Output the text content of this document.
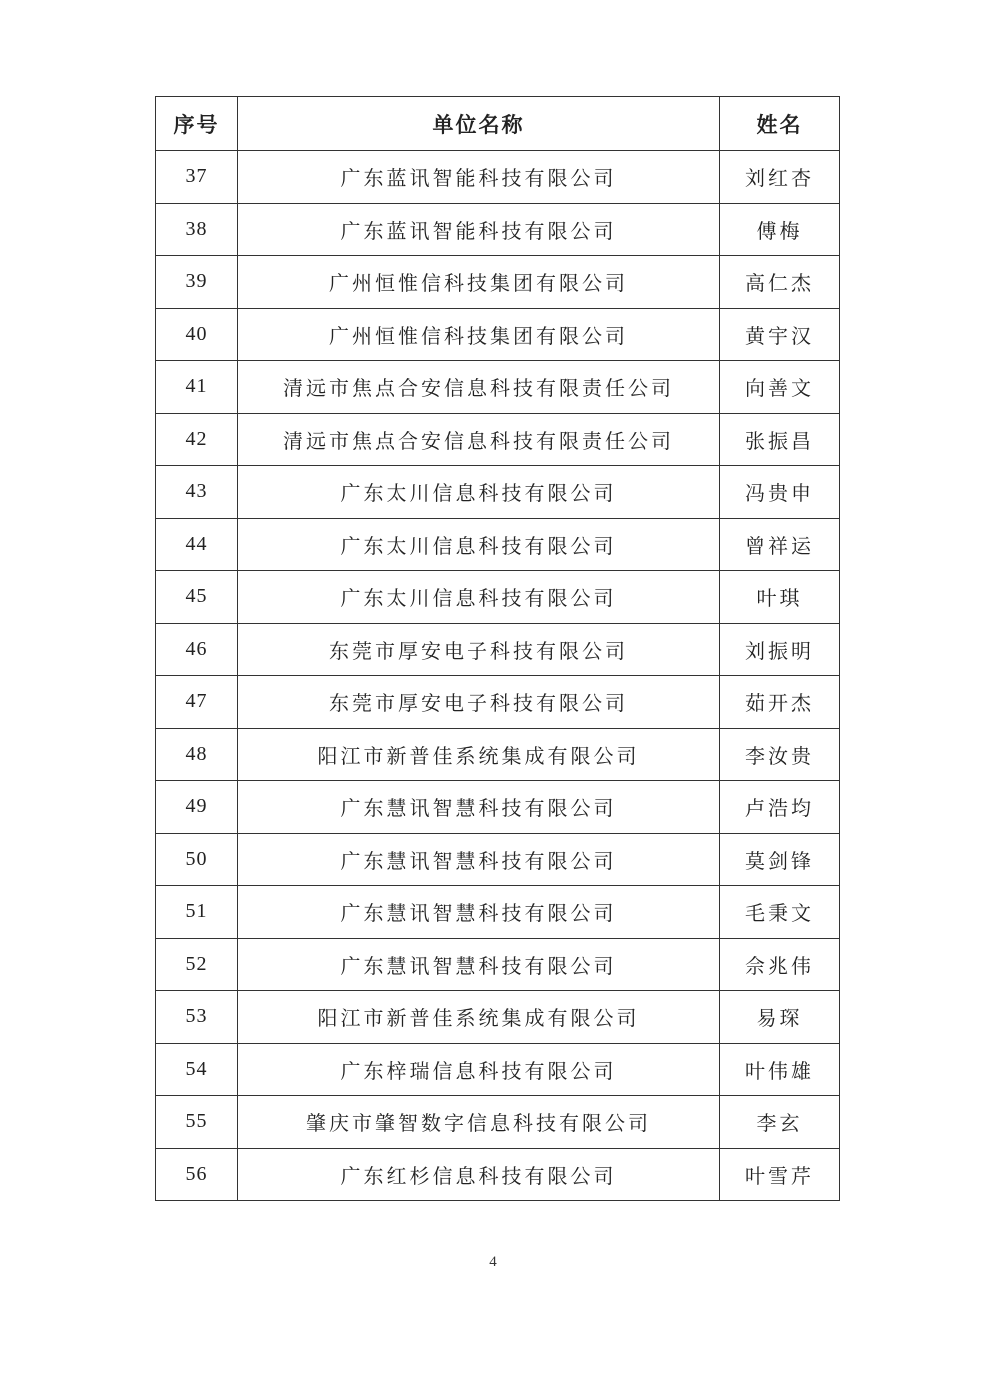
序号	单位名称	姓名
37	广东蓝讯智能科技有限公司	刘红杏
38	广东蓝讯智能科技有限公司	傅梅
39	广州恒惟信科技集团有限公司	高仁杰
40	广州恒惟信科技集团有限公司	黄宇汉
41	清远市焦点合安信息科技有限责任公司	向善文
42	清远市焦点合安信息科技有限责任公司	张振昌
43	广东太川信息科技有限公司	冯贵申
44	广东太川信息科技有限公司	曾祥运
45	广东太川信息科技有限公司	叶琪
46	东莞市厚安电子科技有限公司	刘振明
47	东莞市厚安电子科技有限公司	茹开杰
48	阳江市新普佳系统集成有限公司	李汝贵
49	广东慧讯智慧科技有限公司	卢浩均
50	广东慧讯智慧科技有限公司	莫剑锋
51	广东慧讯智慧科技有限公司	毛秉文
52	广东慧讯智慧科技有限公司	佘兆伟
53	阳江市新普佳系统集成有限公司	易琛
54	广东梓瑞信息科技有限公司	叶伟雄
55	肇庆市肇智数字信息科技有限公司	李玄
56	广东红杉信息科技有限公司	叶雪芹
4
